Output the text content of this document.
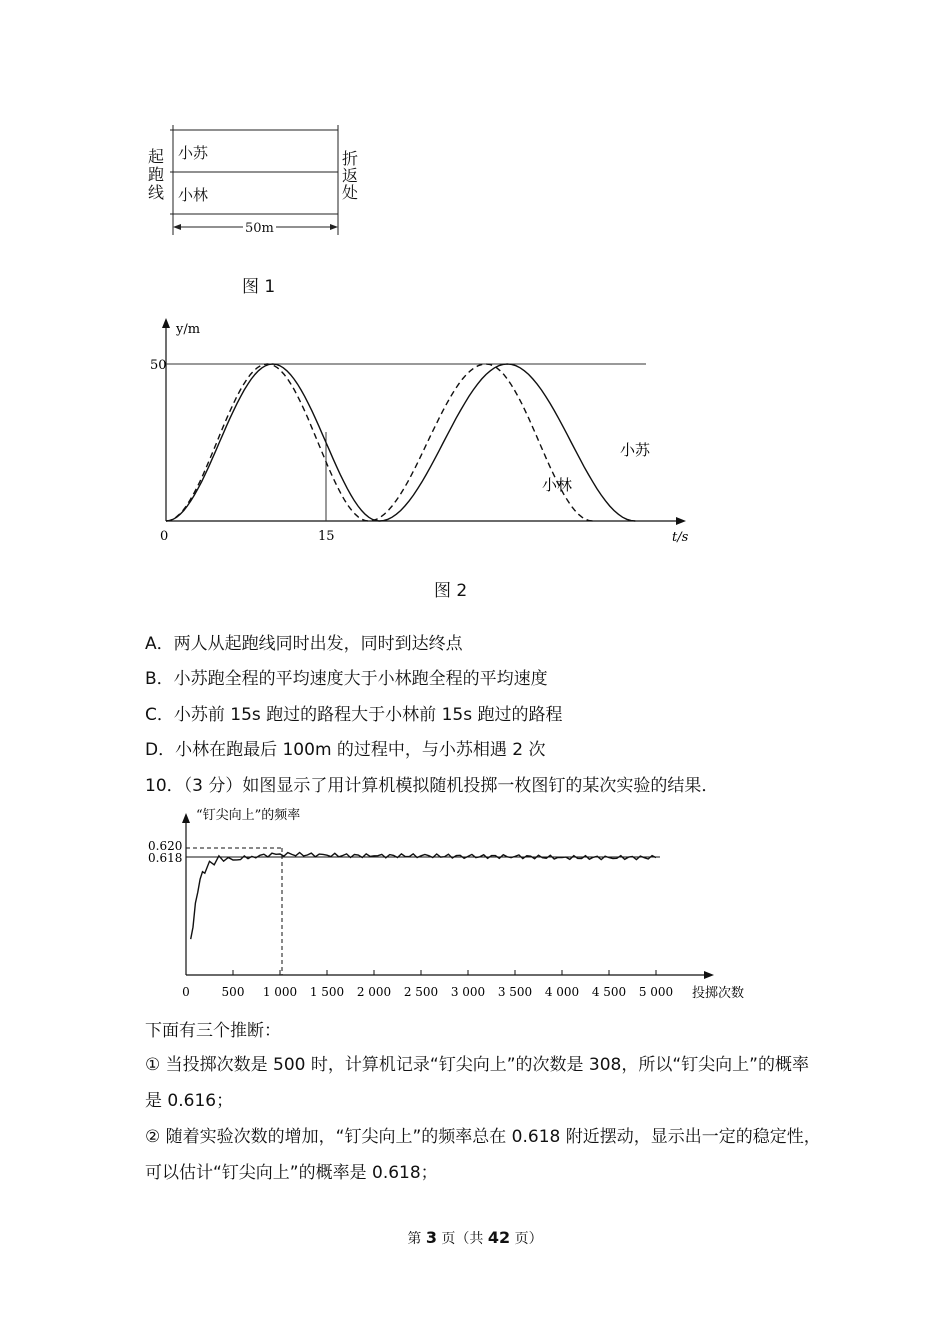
起跑线
折返处
小苏
小林
50m
图 1
50
0	15
y/m
t/s
小苏
小林
图 2
A．两人从起跑线同时出发，同时到达终点
B．小苏跑全程的平均速度大于小林跑全程的平均速度
C．小苏前 15s 跑过的路程大于小林前 15s 跑过的路程
D．小林在跑最后 100m 的过程中，与小苏相遇 2 次
10．（3 分）如图显示了用计算机模拟随机投掷一枚图钉的某次实验的结果．
0.620
0.618
“钉尖向上”的频率
投掷次数
0	500 1 000 1 500 2 000 2 500 3 000 3 500 4 000 4 500 5 000
下面有三个推断：
① 当投掷次数是 500 时，计算机记录“钉尖向上”的次数是 308，所以“钉尖向上”的概率是 0.616；
② 随着实验次数的增加，“钉尖向上”的频率总在 0.618 附近摆动，显示出一定的稳定性，可以估计“钉尖向上”的概率是 0.618；
第 3 页（共 42 页）
